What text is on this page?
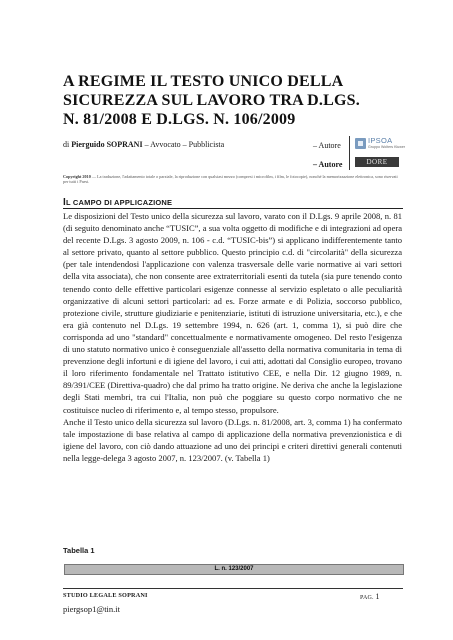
A REGIME IL TESTO UNICO DELLA
SICUREZZA SUL LAVORO TRA D.LGS.
N. 81/2008 E D.LGS. N. 106/2009
di Pierguido SOPRANI – Avvocato – Pubblicista	– Autore
– Autore
IPSOA
Gruppo Wolters Kluwer
DORE
Copyright 2010 — La traduzione, l'adattamento totale o parziale, la riproduzione con qualsiasi mezzo (compresi i microfilm, i film, le fotocopie), nonché la memorizzazione elettronica, sono riservati per tutti i Paesi.
IL CAMPO DI APPLICAZIONE

Le disposizioni del Testo unico della sicurezza sul lavoro, varato con il D.Lgs. 9 aprile 2008, n. 81 (di seguito denominato anche “TUSIC”, a sua volta oggetto di modifiche e di integrazioni ad opera del recente D.Lgs. 3 agosto 2009, n. 106 - c.d. “TUSIC-bis”) si applicano indifferentemente tanto al settore privato, quanto al settore pubblico. Questo principio c.d. di "circolarità" della sicurezza (per tale intendendosi l'applicazione con valenza trasversale delle varie normative ai vari settori della vita associata), che non consente aree extraterritoriali esenti da tutela (sia pure tenendo conto tenendo conto delle effettive particolari esigenze connesse al servizio espletato o alle peculiarità organizzative di alcuni settori particolari: ad es. Forze armate e di Polizia, soccorso pubblico, protezione civile, strutture giudiziarie e penitenziarie, istituti di istruzione universitaria, etc.), e che era già contenuto nel D.Lgs. 19 settembre 1994, n. 626 (art. 1, comma 1), si può dire che corrisponda ad uno "standard" concettualmente e normativamente omogeneo. Del resto l'esigenza di uno statuto normativo unico è conseguenziale all'assetto della normativa comunitaria in tema di prevenzione degli infortuni e di igiene del lavoro, i cui atti, adottati dal Consiglio europeo, trovano il loro riferimento fondamentale nel Trattato istitutivo CEE, e nella Dir. 12 giugno 1989, n. 89/391/CEE (Direttiva-quadro) che dal primo ha tratto origine. Ne deriva che anche la legislazione degli Stati membri, tra cui l'Italia, non può che poggiare su questo corpo normativo che ne costituisce nucleo di riferimento e, al tempo stesso, propulsore.

Anche il Testo unico della sicurezza sul lavoro (D.Lgs. n. 81/2008, art. 3, comma 1) ha confermato tale impostazione di base relativa al campo di applicazione della normativa prevenzionistica e di igiene del lavoro, con ciò dando attuazione ad uno dei principi e criteri direttivi generali contenuti nella legge-delega 3 agosto 2007, n. 123/2007. (v. Tabella 1)

Tabella 1
L. n. 123/2007
STUDIO LEGALE SOPRANI	PAG. 1
piergsop1@tin.it
